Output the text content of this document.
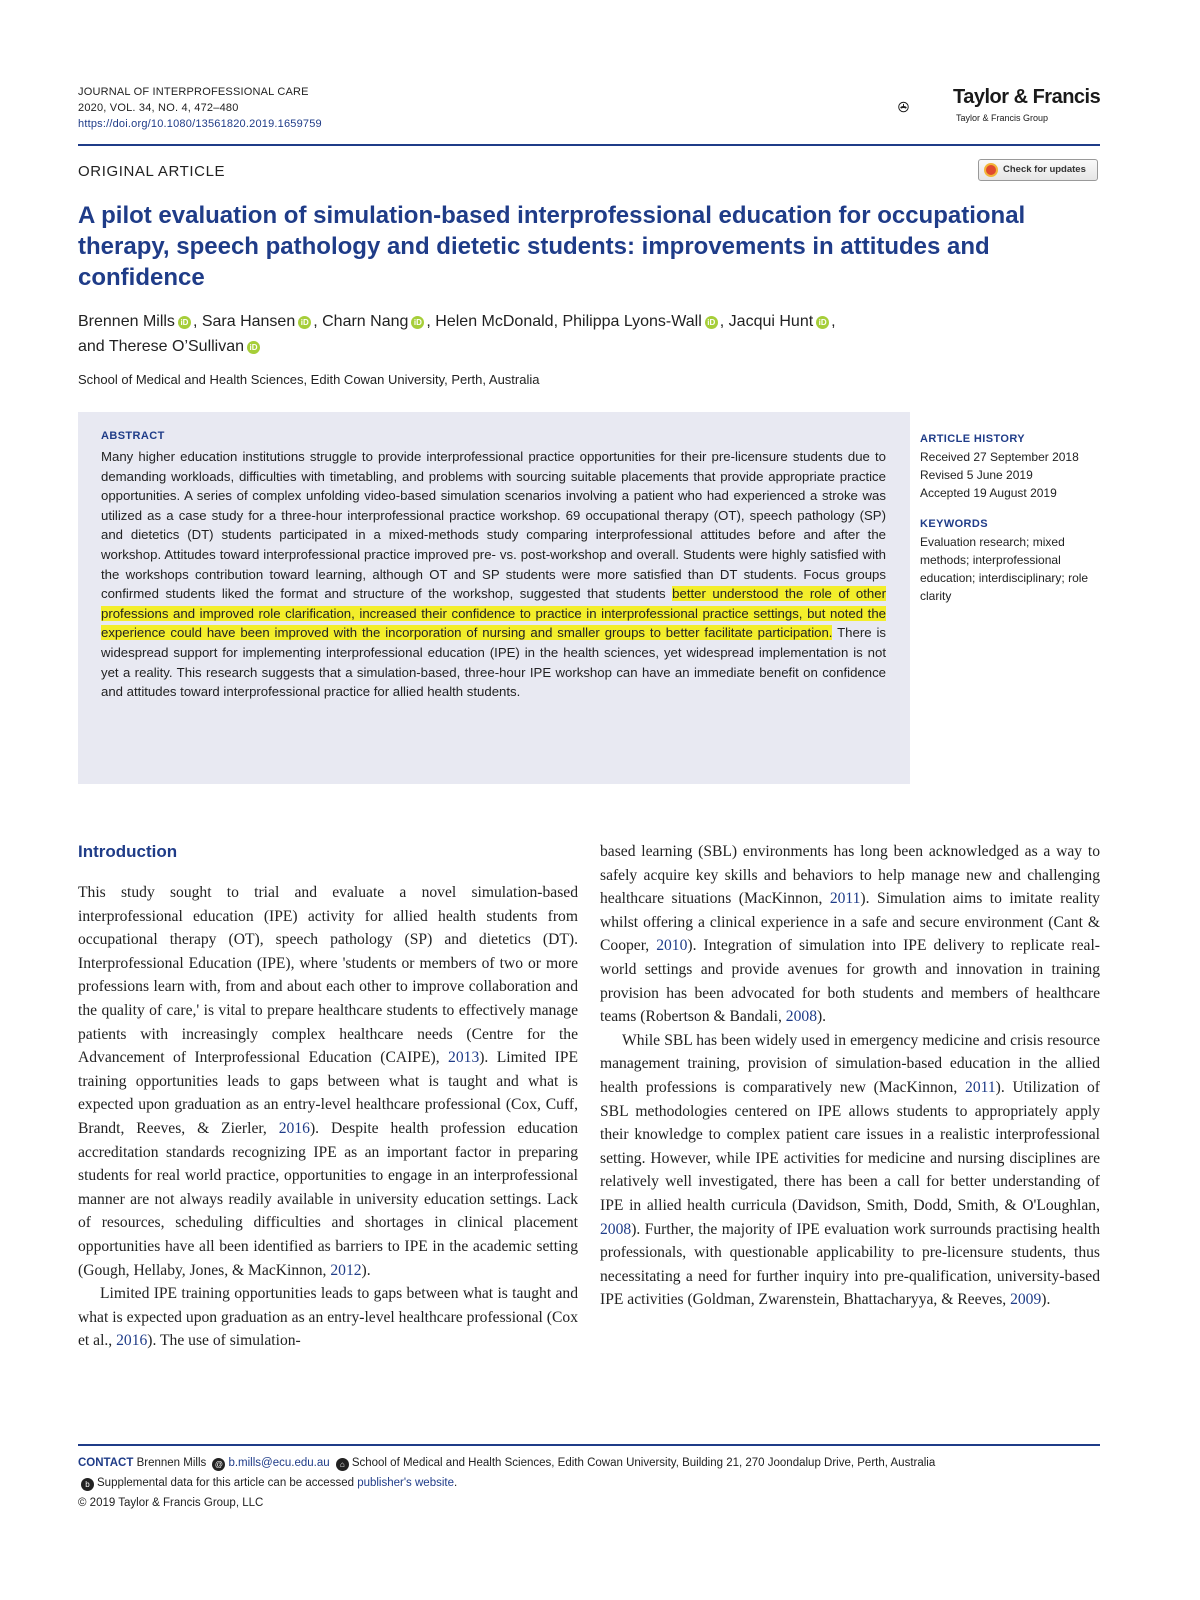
JOURNAL OF INTERPROFESSIONAL CARE
2020, VOL. 34, NO. 4, 472–480
https://doi.org/10.1080/13561820.2019.1659759
Taylor & Francis
Taylor & Francis Group
ORIGINAL ARTICLE	Check for updates
A pilot evaluation of simulation-based interprofessional education for occupational therapy, speech pathology and dietetic students: improvements in attitudes and confidence
Brennen Mills iD , Sara Hansen iD , Charn Nang iD , Helen McDonald, Philippa Lyons-Wall iD , Jacqui Hunt iD ,
and Therese O’Sullivan iD
School of Medical and Health Sciences, Edith Cowan University, Perth, Australia
ABSTRACT
Many higher education institutions struggle to provide interprofessional practice opportunities for their pre-licensure students due to demanding workloads, difficulties with timetabling, and problems with sourcing suitable placements that provide appropriate practice opportunities. A series of complex unfolding video-based simulation scenarios involving a patient who had experienced a stroke was utilized as a case study for a three-hour interprofessional practice workshop. 69 occupational therapy (OT), speech pathology (SP) and dietetics (DT) students participated in a mixed-methods study comparing interprofessional attitudes before and after the workshop. Attitudes toward interprofessional practice improved pre- vs. post-workshop and overall. Students were highly satisfied with the workshops contribution toward learning, although OT and SP students were more satisfied than DT students. Focus groups confirmed students liked the format and structure of the workshop, suggested that students better understood the role of other professions and improved role clarification, increased their confidence to practice in interprofessional practice settings, but noted the experience could have been improved with the incorporation of nursing and smaller groups to better facilitate participation. There is widespread support for implementing interprofessional education (IPE) in the health sciences, yet widespread implementation is not yet a reality. This research suggests that a simulation-based, three-hour IPE workshop can have an immediate benefit on confidence and attitudes toward interprofessional practice for allied health students.
ARTICLE HISTORY
Received 27 September 2018
Revised 5 June 2019
Accepted 19 August 2019
KEYWORDS
Evaluation research; mixed methods; interprofessional education; interdisciplinary; role clarity

Introduction

This study sought to trial and evaluate a novel simulation-based interprofessional education (IPE) activity for allied health students from occupational therapy (OT), speech pathology (SP) and dietetics (DT). Interprofessional Education (IPE), where 'students or members of two or more professions learn with, from and about each other to improve collaboration and the quality of care,' is vital to prepare healthcare students to effectively manage patients with increasingly complex healthcare needs (Centre for the Advancement of Interprofessional Education (CAIPE), 2013). Limited IPE training opportunities leads to gaps between what is taught and what is expected upon graduation as an entry-level healthcare professional (Cox, Cuff, Brandt, Reeves, & Zierler, 2016). Despite health profession education accreditation standards recognizing IPE as an important factor in preparing students for real world practice, opportunities to engage in an interprofessional manner are not always readily available in university education settings. Lack of resources, scheduling difficulties and shortages in clinical placement opportunities have all been identified as barriers to IPE in the academic setting (Gough, Hellaby, Jones, & MacKinnon, 2012).

Limited IPE training opportunities leads to gaps between what is taught and what is expected upon graduation as an entry-level healthcare professional (Cox et al., 2016). The use of simulation-

based learning (SBL) environments has long been acknowledged as a way to safely acquire key skills and behaviors to help manage new and challenging healthcare situations (MacKinnon, 2011). Simulation aims to imitate reality whilst offering a clinical experience in a safe and secure environment (Cant & Cooper, 2010). Integration of simulation into IPE delivery to replicate real-world settings and provide avenues for growth and innovation in training provision has been advocated for both students and members of healthcare teams (Robertson & Bandali, 2008).

While SBL has been widely used in emergency medicine and crisis resource management training, provision of simulation-based education in the allied health professions is comparatively new (MacKinnon, 2011). Utilization of SBL methodologies centered on IPE allows students to appropriately apply their knowledge to complex patient care issues in a realistic interprofessional setting. However, while IPE activities for medicine and nursing disciplines are relatively well investigated, there has been a call for better understanding of IPE in allied health curricula (Davidson, Smith, Dodd, Smith, & O'Loughlan, 2008). Further, the majority of IPE evaluation work surrounds practising health professionals, with questionable applicability to pre-licensure students, thus necessitating a need for further inquiry into pre-qualification, university-based IPE activities (Goldman, Zwarenstein, Bhattacharyya, & Reeves, 2009).

CONTACT Brennen Mills @ b.mills@ecu.edu.au ⌂ School of Medical and Health Sciences, Edith Cowan University, Building 21, 270 Joondalup Drive, Perth, Australia
b Supplemental data for this article can be accessed publisher's website.
© 2019 Taylor & Francis Group, LLC
